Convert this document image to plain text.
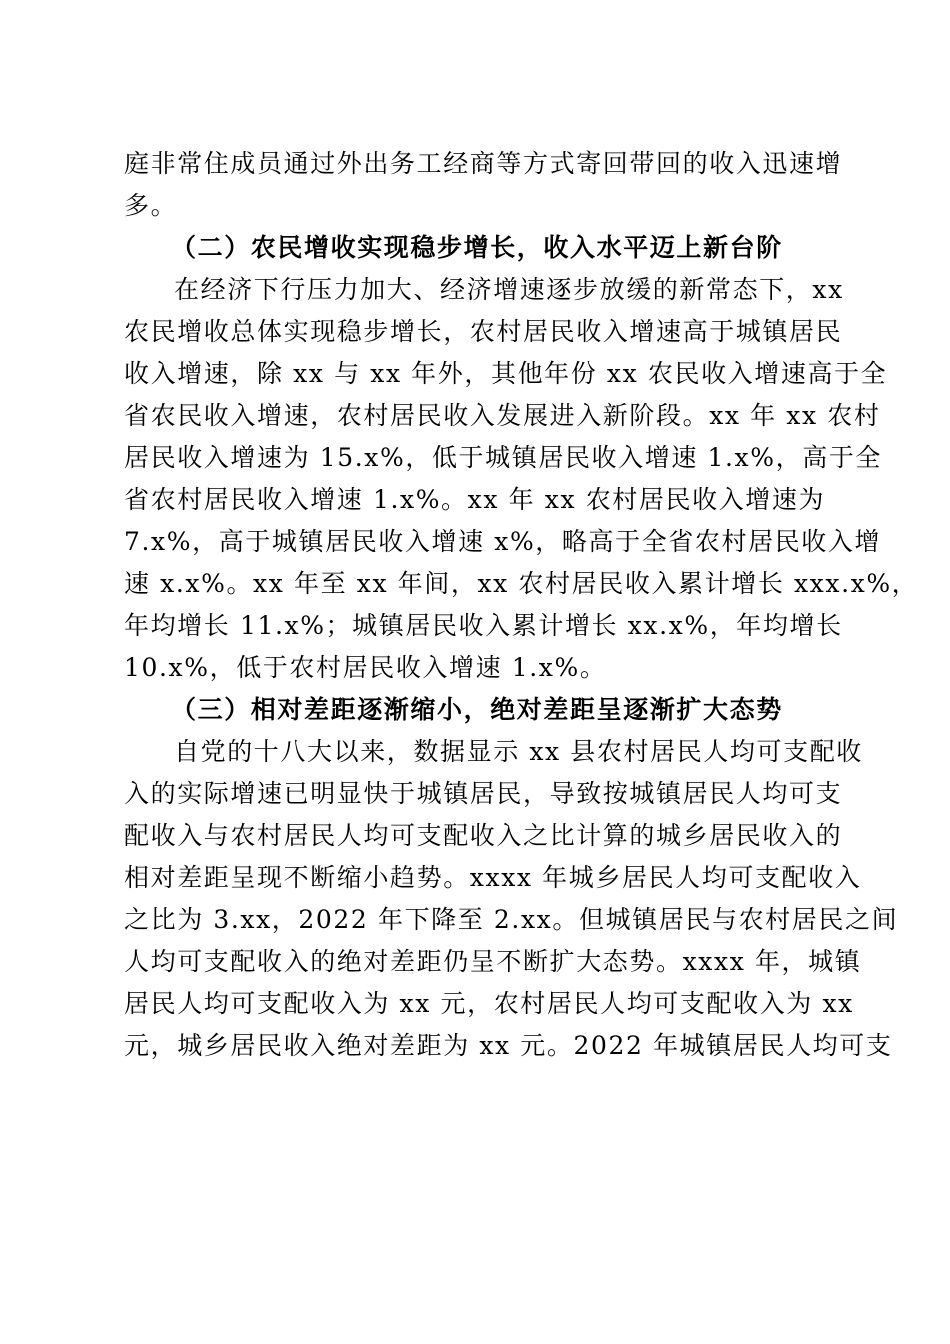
庭非常住成员通过外出务工经商等方式寄回带回的收入迅速增
多。
（二）农民增收实现稳步增长，收入水平迈上新台阶
在经济下行压力加大、经济增速逐步放缓的新常态下，xx
农民增收总体实现稳步增长，农村居民收入增速高于城镇居民
收入增速，除 xx 与 xx 年外，其他年份 xx 农民收入增速高于全
省农民收入增速，农村居民收入发展进入新阶段。xx 年 xx 农村
居民收入增速为 15.x%，低于城镇居民收入增速 1.x%，高于全
省农村居民收入增速 1.x%。xx 年 xx 农村居民收入增速为
7.x%，高于城镇居民收入增速 x%，略高于全省农村居民收入增
速 x.x%。xx 年至 xx 年间，xx 农村居民收入累计增长 xxx.x%，
年均增长 11.x%；城镇居民收入累计增长 xx.x%，年均增长
10.x%，低于农村居民收入增速 1.x%。
（三）相对差距逐渐缩小，绝对差距呈逐渐扩大态势
自党的十八大以来，数据显示 xx 县农村居民人均可支配收
入的实际增速已明显快于城镇居民，导致按城镇居民人均可支
配收入与农村居民人均可支配收入之比计算的城乡居民收入的
相对差距呈现不断缩小趋势。xxxx 年城乡居民人均可支配收入
之比为 3.xx，2022 年下降至 2.xx。但城镇居民与农村居民之间
人均可支配收入的绝对差距仍呈不断扩大态势。xxxx 年，城镇
居民人均可支配收入为 xx 元，农村居民人均可支配收入为 xx
元，城乡居民收入绝对差距为 xx 元。2022 年城镇居民人均可支
